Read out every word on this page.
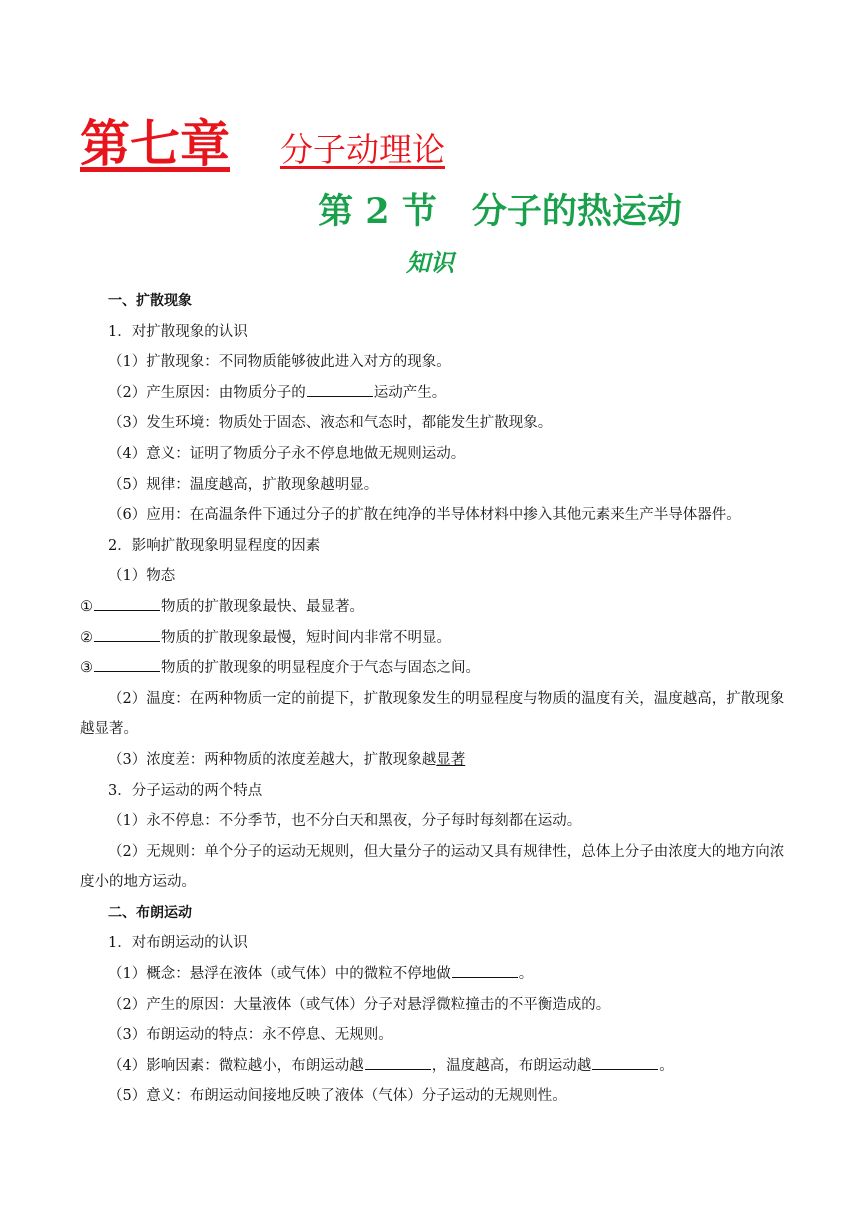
第七章 分子动理论
第 2 节　分子的热运动
知识
一、扩散现象
1．对扩散现象的认识
（1）扩散现象：不同物质能够彼此进入对方的现象。
（2）产生原因：由物质分子的	运动产生。
（3）发生环境：物质处于固态、液态和气态时，都能发生扩散现象。
（4）意义：证明了物质分子永不停息地做无规则运动。
（5）规律：温度越高，扩散现象越明显。
（6）应用：在高温条件下通过分子的扩散在纯净的半导体材料中掺入其他元素来生产半导体器件。
2．影响扩散现象明显程度的因素
（1）物态
①	物质的扩散现象最快、最显著。
②	物质的扩散现象最慢，短时间内非常不明显。
③	物质的扩散现象的明显程度介于气态与固态之间。
（2）温度：在两种物质一定的前提下，扩散现象发生的明显程度与物质的温度有关，温度越高，扩散现象越显著。
（3）浓度差：两种物质的浓度差越大，扩散现象越显著
3．分子运动的两个特点
（1）永不停息：不分季节，也不分白天和黑夜，分子每时每刻都在运动。
（2）无规则：单个分子的运动无规则，但大量分子的运动又具有规律性，总体上分子由浓度大的地方向浓度小的地方运动。
二、布朗运动
1．对布朗运动的认识
（1）概念：悬浮在液体（或气体）中的微粒不停地做	。
（2）产生的原因：大量液体（或气体）分子对悬浮微粒撞击的不平衡造成的。
（3）布朗运动的特点：永不停息、无规则。
（4）影响因素：微粒越小，布朗运动越	，温度越高，布朗运动越	。
（5）意义：布朗运动间接地反映了液体（气体）分子运动的无规则性。
